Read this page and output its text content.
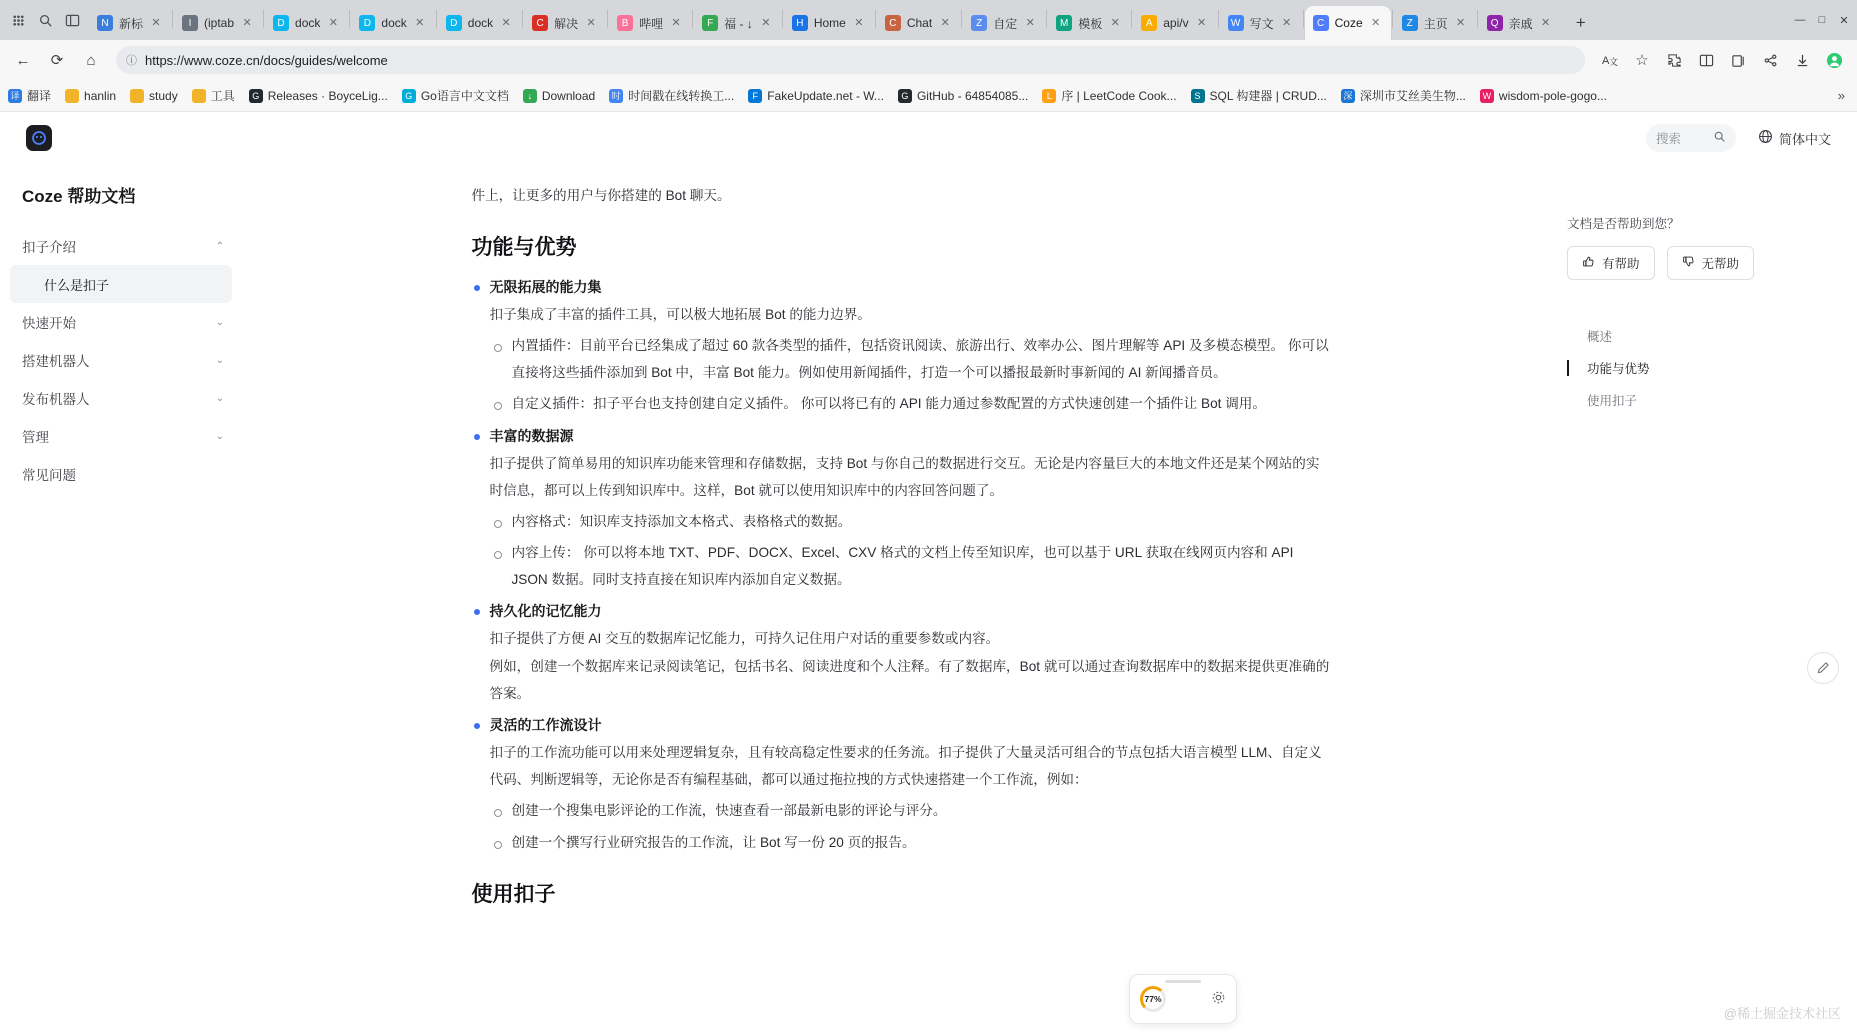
N 新标 ✕	I	(iptab ✕	D dock ✕	D dock ✕	D dock ✕	C 解决 ✕	B 哔哩 ✕	F 福 - ↓ ✕	H Home ✕	C Chat ✕	Z 自定 ✕	M 模板 ✕	A api/v ✕	W 写文 ✕	C Coze ✕	Z 主页 ✕	Q 亲戚 ✕	+	—	□	✕
←	⟳	⌂	ⓘ https://www.coze.cn/docs/guides/welcome	A 文	☆
译 翻译	hanlin	study	工具	G Releases · BoyceLig...	G Go语言中文文档	↓ Download 时 时间戳在线转换工...	F FakeUpdate.net - W...	G GitHub - 64854085...	L 序 | LeetCode Cook...	S SQL 构建器 | CRUD... 深 深圳市艾丝美生物...	W wisdom-pole-gogo...	»
搜索	简体中文
Coze 帮助文档
扣子介绍	⌃
什么是扣子
快速开始	⌄
搭建机器人	⌄
发布机器人	⌄
管理	⌄
常见问题
件上，让更多的用户与你搭建的 Bot 聊天。
功能与优势
无限拓展的能力集
扣子集成了丰富的插件工具，可以极大地拓展 Bot 的能力边界。
内置插件：目前平台已经集成了超过 60 款各类型的插件，包括资讯阅读、旅游出行、效率办公、图片理解等 API 及多模态模型。 你可以直接将这些插件添加到 Bot 中，丰富 Bot 能力。例如使用新闻插件，打造一个可以播报最新时事新闻的 AI 新闻播音员。
自定义插件：扣子平台也支持创建自定义插件。 你可以将已有的 API 能力通过参数配置的方式快速创建一个插件让 Bot 调用。
丰富的数据源
扣子提供了简单易用的知识库功能来管理和存储数据，支持 Bot 与你自己的数据进行交互。无论是内容量巨大的本地文件还是某个网站的实时信息，都可以上传到知识库中。这样，Bot 就可以使用知识库中的内容回答问题了。
内容格式：知识库支持添加文本格式、表格格式的数据。
内容上传： 你可以将本地 TXT、PDF、DOCX、Excel、CXV 格式的文档上传至知识库，也可以基于 URL 获取在线网页内容和 API JSON 数据。同时支持直接在知识库内添加自定义数据。
持久化的记忆能力
扣子提供了方便 AI 交互的数据库记忆能力，可持久记住用户对话的重要参数或内容。
例如，创建一个数据库来记录阅读笔记，包括书名、阅读进度和个人注释。有了数据库，Bot 就可以通过查询数据库中的数据来提供更准确的答案。
灵活的工作流设计
扣子的工作流功能可以用来处理逻辑复杂，且有较高稳定性要求的任务流。扣子提供了大量灵活可组合的节点包括大语言模型 LLM、自定义代码、判断逻辑等，无论你是否有编程基础，都可以通过拖拉拽的方式快速搭建一个工作流，例如：
创建一个搜集电影评论的工作流，快速查看一部最新电影的评论与评分。
创建一个撰写行业研究报告的工作流，让 Bot 写一份 20 页的报告。
使用扣子
文档是否帮助到您？
有帮助	无帮助
概述
功能与优势
使用扣子
77%
@稀土掘金技术社区
